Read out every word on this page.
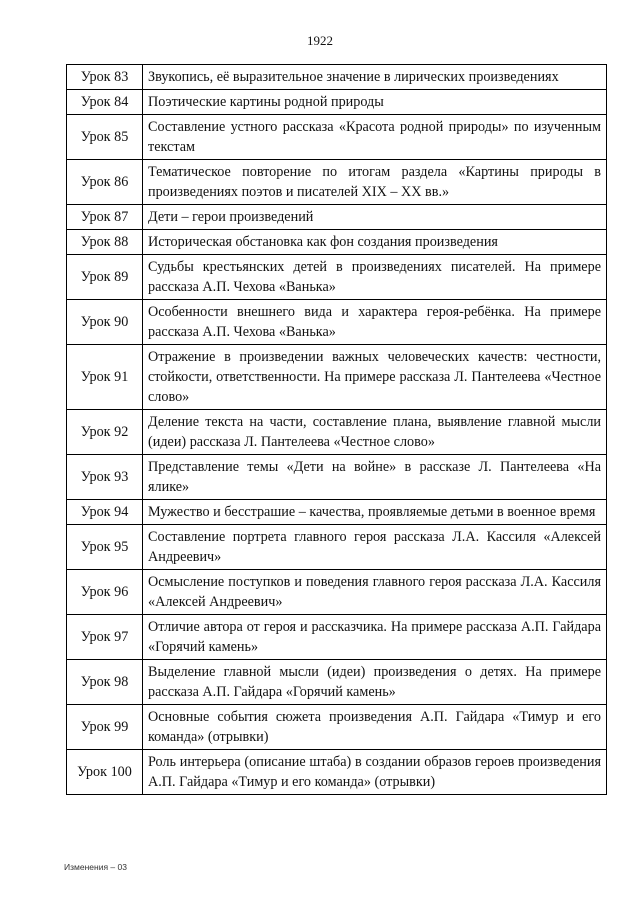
1922
Урок 83	Звукопись, её выразительное значение в лирических произведениях
Урок 84	Поэтические картины родной природы
Урок 85	Составление устного рассказа «Красота родной природы» по изученным текстам
Урок 86	Тематическое повторение по итогам раздела «Картины природы в произведениях поэтов и писателей XIX – XX вв.»
Урок 87	Дети – герои произведений
Урок 88	Историческая обстановка как фон создания произведения
Урок 89	Судьбы крестьянских детей в произведениях писателей. На примере рассказа А.П. Чехова «Ванька»
Урок 90	Особенности внешнего вида и характера героя-ребёнка. На примере рассказа А.П. Чехова «Ванька»
Урок 91	Отражение в произведении важных человеческих качеств: честности, стойкости, ответственности. На примере рассказа Л. Пантелеева «Честное слово»
Урок 92	Деление текста на части, составление плана, выявление главной мысли (идеи) рассказа Л. Пантелеева «Честное слово»
Урок 93	Представление темы «Дети на войне» в рассказе Л. Пантелеева «На ялике»
Урок 94	Мужество и бесстрашие – качества, проявляемые детьми в военное время
Урок 95	Составление портрета главного героя рассказа Л.А. Кассиля «Алексей Андреевич»
Урок 96	Осмысление поступков и поведения главного героя рассказа Л.А. Кассиля «Алексей Андреевич»
Урок 97	Отличие автора от героя и рассказчика. На примере рассказа А.П. Гайдара «Горячий камень»
Урок 98	Выделение главной мысли (идеи) произведения о детях. На примере рассказа А.П. Гайдара «Горячий камень»
Урок 99	Основные события сюжета произведения А.П. Гайдара «Тимур и его команда» (отрывки)
Урок 100	Роль интерьера (описание штаба) в создании образов героев произведения А.П. Гайдара «Тимур и его команда» (отрывки)
Изменения – 03
